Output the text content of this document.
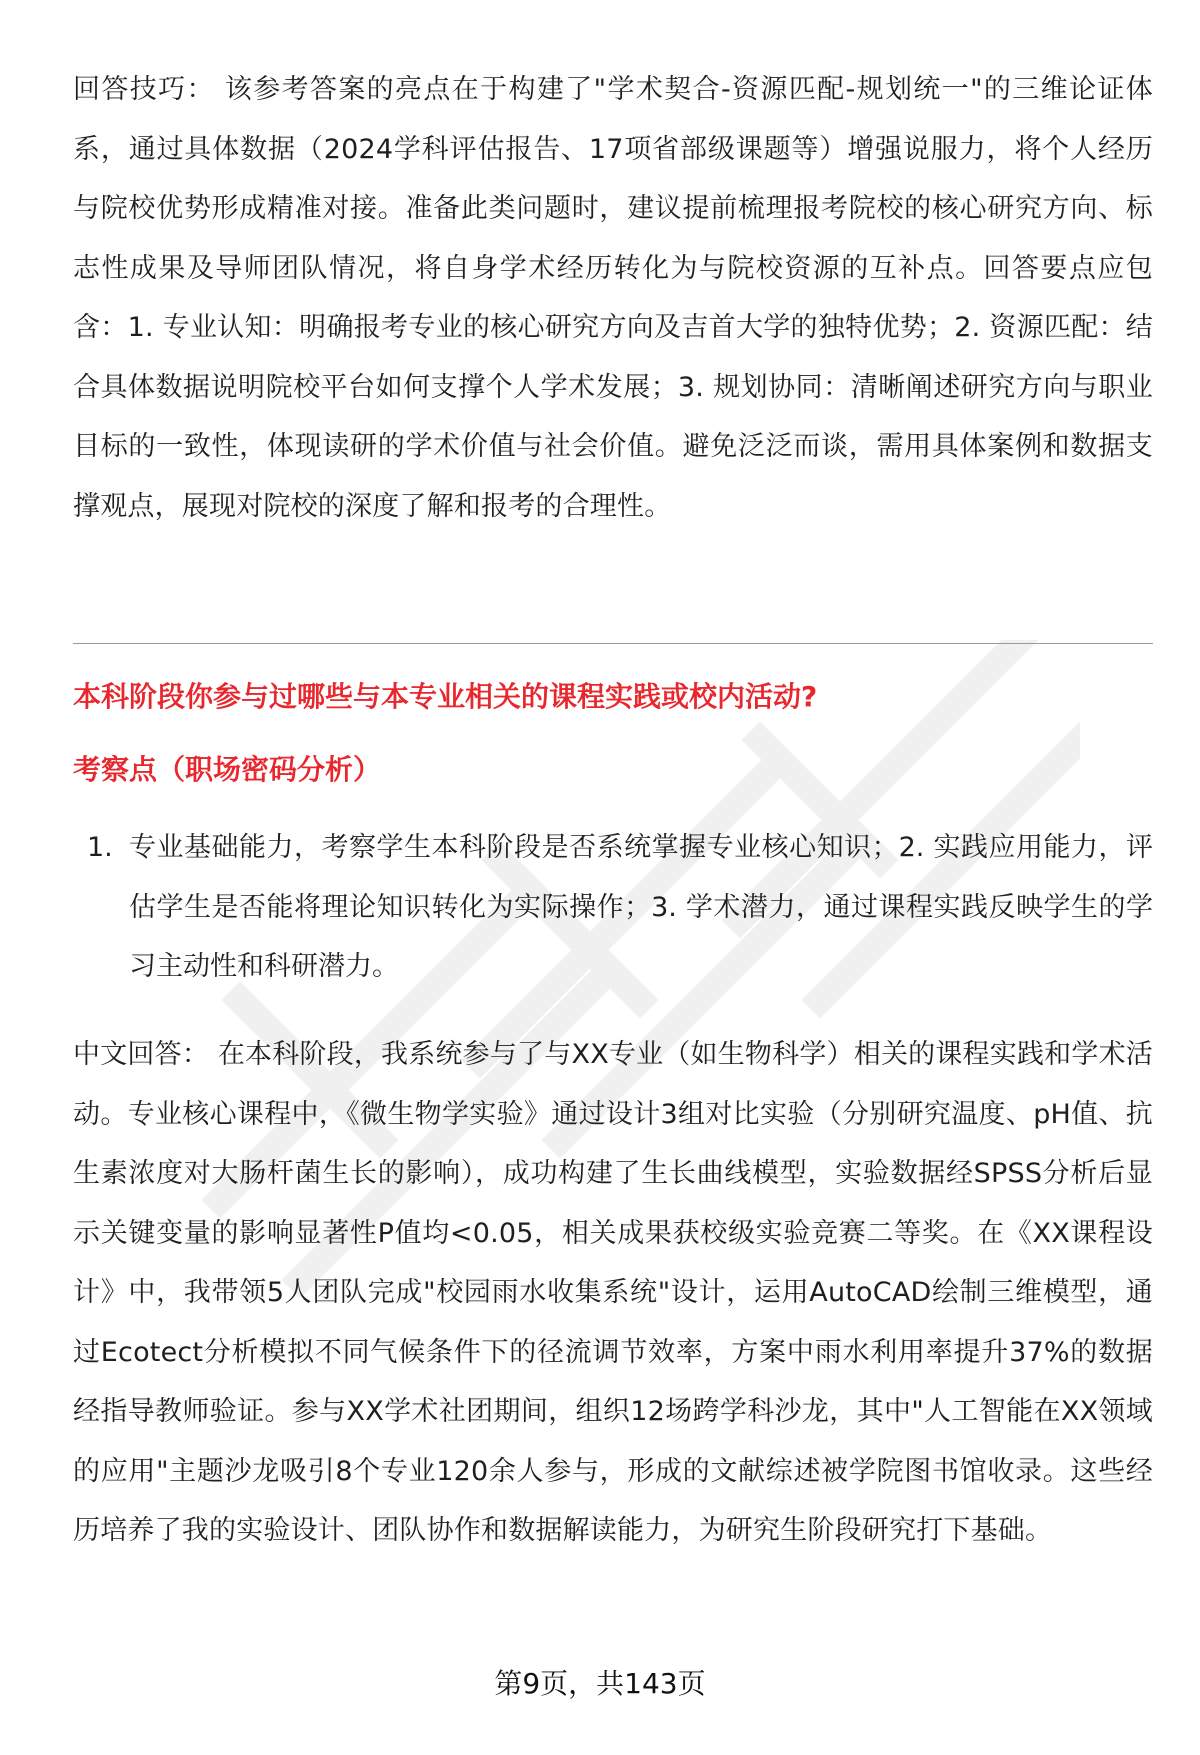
回答技巧： 该参考答案的亮点在于构建了"学术契合-资源匹配-规划统一"的三维论证体系，通过具体数据（2024学科评估报告、17项省部级课题等）增强说服力，将个人经历与院校优势形成精准对接。准备此类问题时，建议提前梳理报考院校的核心研究方向、标志性成果及导师团队情况，将自身学术经历转化为与院校资源的互补点。回答要点应包含：1. 专业认知：明确报考专业的核心研究方向及吉首大学的独特优势；2. 资源匹配：结合具体数据说明院校平台如何支撑个人学术发展；3. 规划协同：清晰阐述研究方向与职业目标的一致性，体现读研的学术价值与社会价值。避免泛泛而谈，需用具体案例和数据支撑观点，展现对院校的深度了解和报考的合理性。
本科阶段你参与过哪些与本专业相关的课程实践或校内活动?
考察点（职场密码分析）
1. 专业基础能力，考察学生本科阶段是否系统掌握专业核心知识；2. 实践应用能力，评估学生是否能将理论知识转化为实际操作；3. 学术潜力，通过课程实践反映学生的学习主动性和科研潜力。
中文回答： 在本科阶段，我系统参与了与XX专业（如生物科学）相关的课程实践和学术活动。专业核心课程中，《微生物学实验》通过设计3组对比实验（分别研究温度、pH值、抗生素浓度对大肠杆菌生长的影响），成功构建了生长曲线模型，实验数据经SPSS分析后显示关键变量的影响显著性P值均<0.05，相关成果获校级实验竞赛二等奖。在《XX课程设计》中，我带领5人团队完成"校园雨水收集系统"设计，运用AutoCAD绘制三维模型，通过Ecotect分析模拟不同气候条件下的径流调节效率，方案中雨水利用率提升37%的数据经指导教师验证。参与XX学术社团期间，组织12场跨学科沙龙，其中"人工智能在XX领域的应用"主题沙龙吸引8个专业120余人参与，形成的文献综述被学院图书馆收录。这些经历培养了我的实验设计、团队协作和数据解读能力，为研究生阶段研究打下基础。
第9页，共143页
